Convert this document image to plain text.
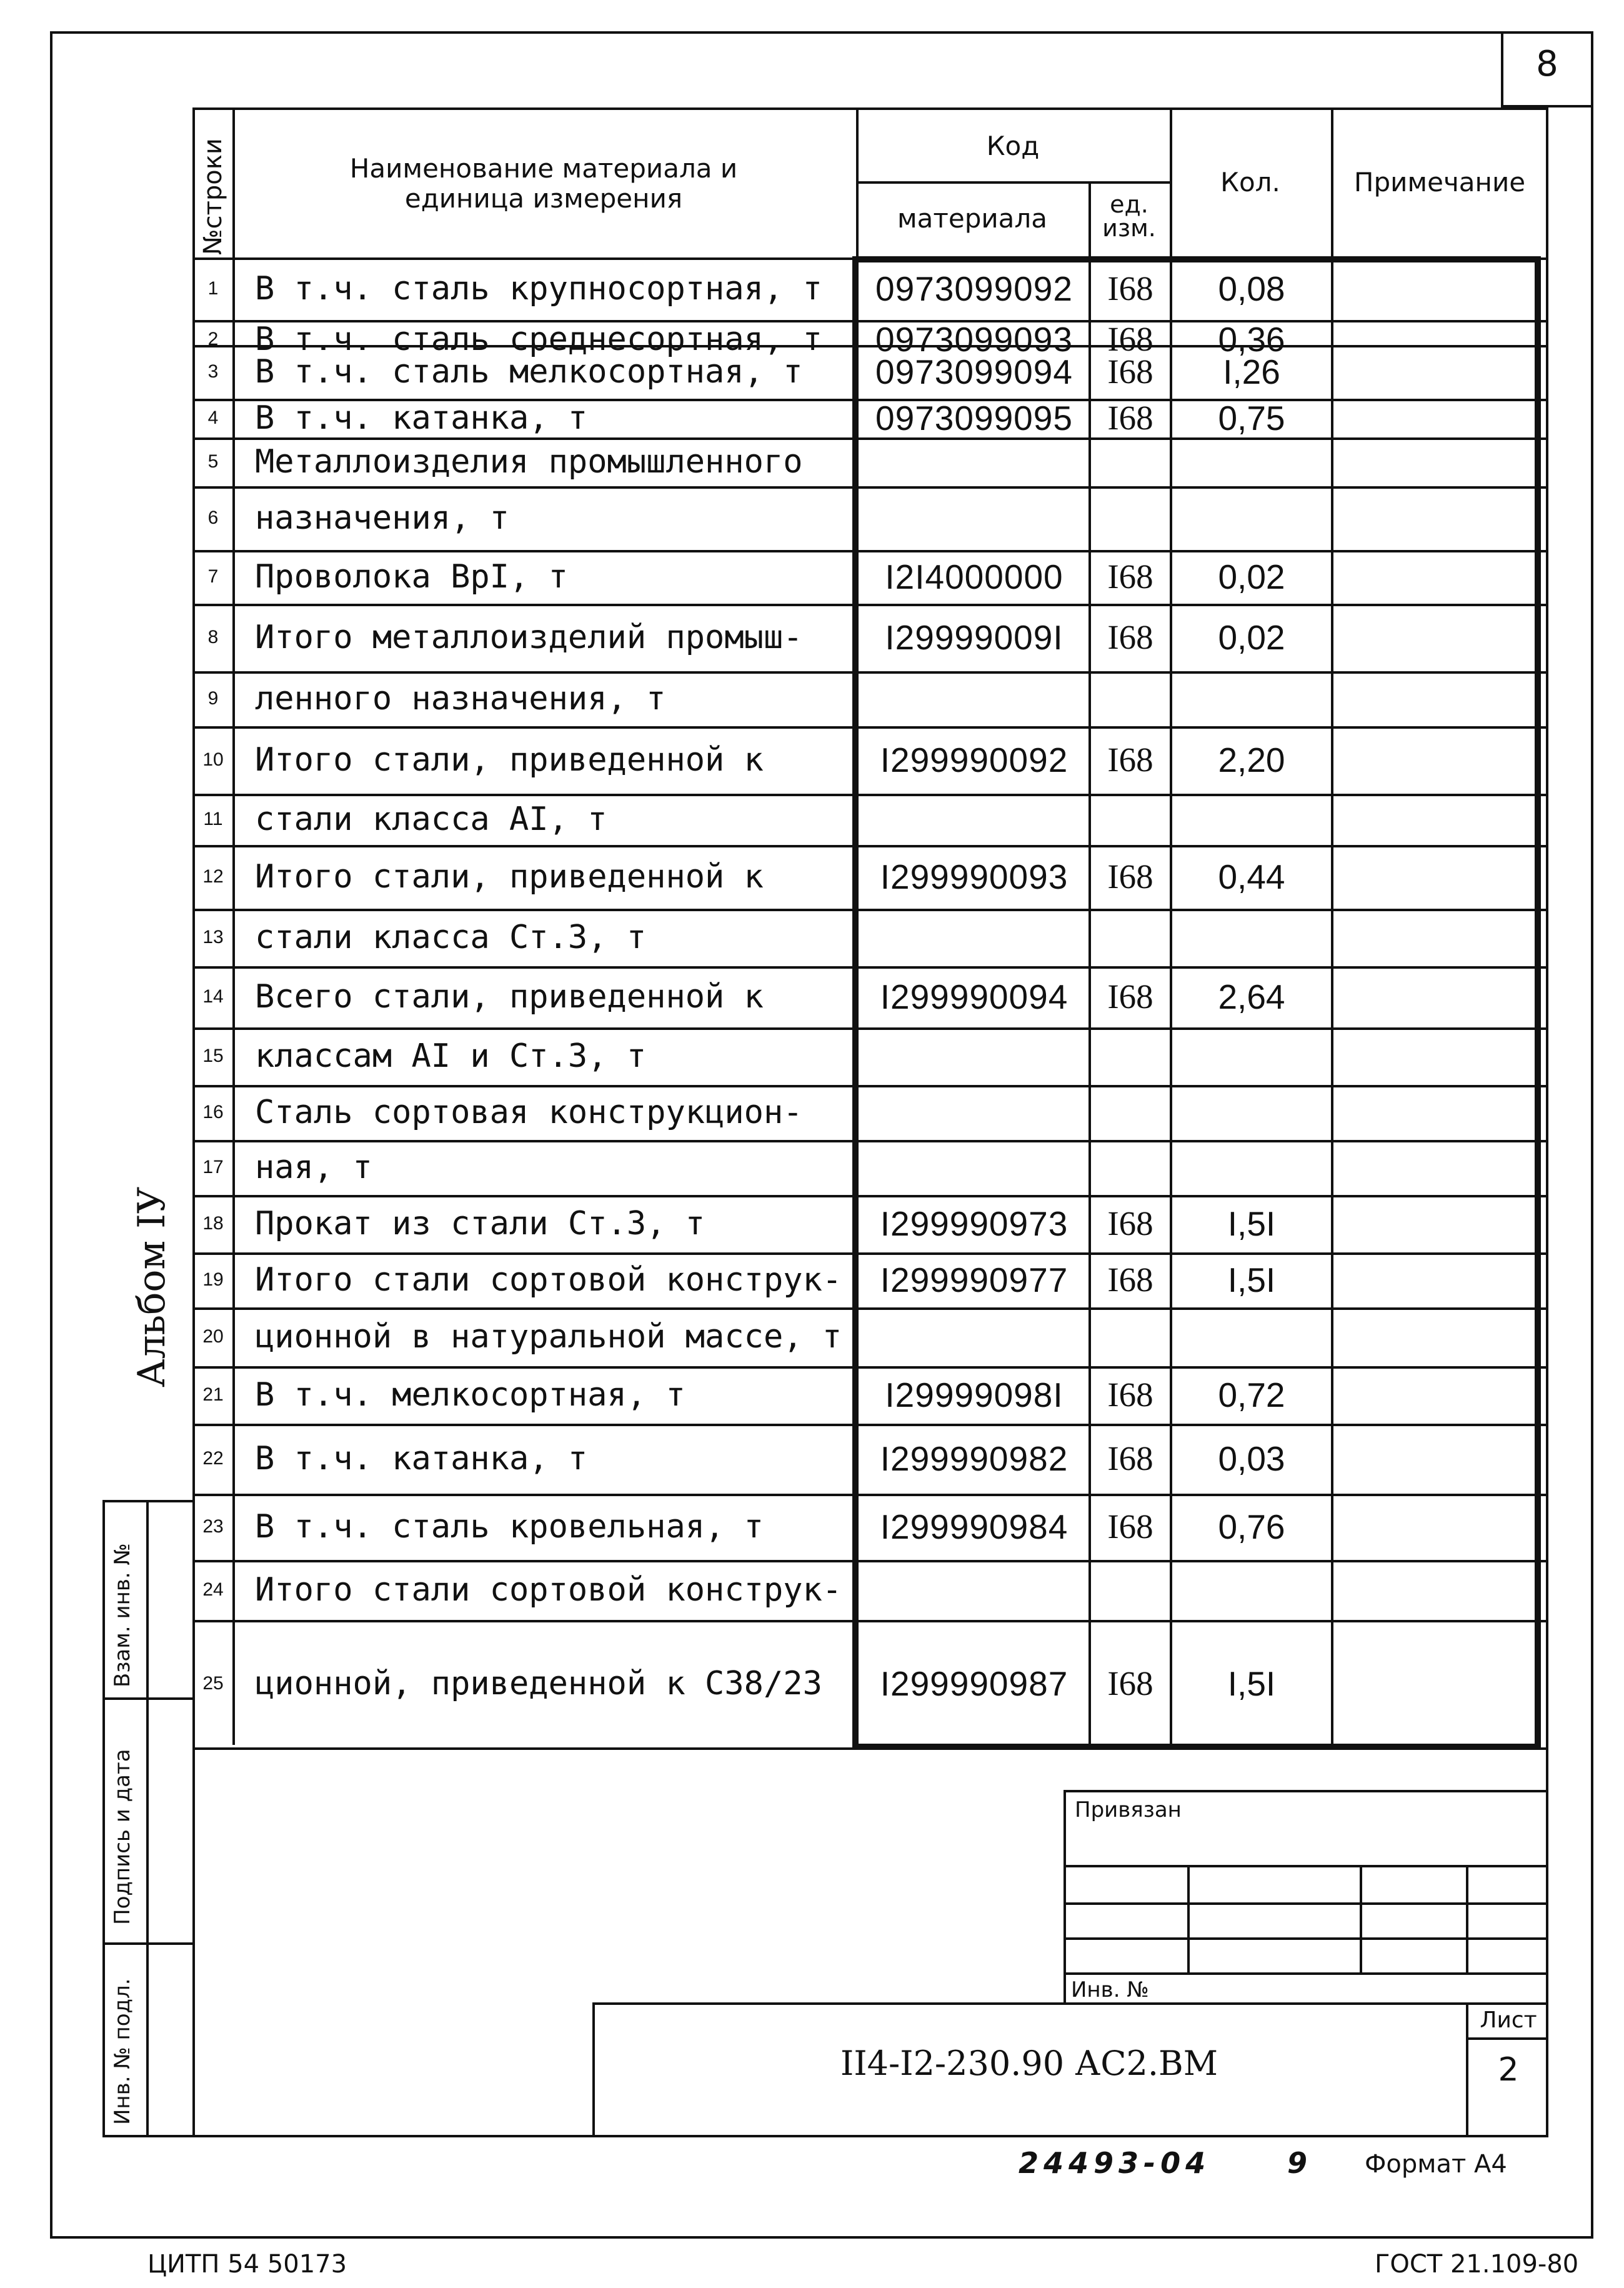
8
№строки	Наименование материала и единица измерения
Код
материала	ед.
изм.
Кол.	Примечание
1	В т.ч. сталь крупносортная, т	0973099092	I68	0,08
2	В т.ч. сталь среднесортная, т	0973099093	I68	0,36
3	В т.ч. сталь мелкосортная, т	0973099094	I68	I,26
4	В т.ч. катанка, т	0973099095	I68	0,75
5	Металлоизделия промышленного
6	назначения, т
7	Проволока ВрI, т	I2I4000000	I68	0,02
8	Итого металлоизделий промыш-	I29999009I	I68	0,02
9	ленного назначения, т
10 Итого стали, приведенной к	I299990092	I68	2,20
11 стали класса АI, т
12 Итого стали, приведенной к	I299990093	I68	0,44
13 стали класса Ст.3, т
14 Всего стали, приведенной к	I299990094	I68	2,64
15 классам АI и Ст.3, т
16 Сталь сортовая конструкцион-
17 ная, т
18 Прокат из стали Ст.3, т	I299990973	I68	I,5I
19 Итого стали сортовой конструк-	I299990977	I68	I,5I
20 ционной в натуральной массе, т
21 В т.ч. мелкосортная, т	I29999098I	I68	0,72
22 В т.ч. катанка, т	I299990982	I68	0,03
23 В т.ч. сталь кровельная, т	I299990984	I68	0,76
24 Итого стали сортовой конструк-
25 ционной, приведенной к С38/23	I299990987	I68	I,5I
Альбом IУ
Взам. инв. №
Подпись и дата
Инв. № подл.
Привязан
Инв. №
II4-I2-230.90 АС2.ВМ
Лист
2
24493-04	9 Формат А4
ЦИТП 54 50173	ГОСТ 21.109-80
